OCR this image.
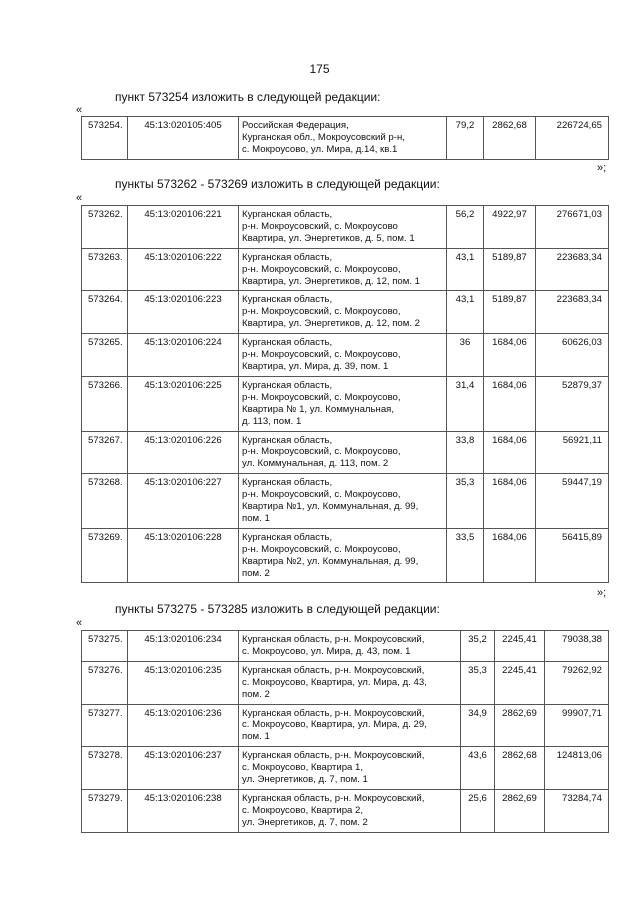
175
пункт 573254 изложить в следующей редакции:
«
573254.	45:13:020105:405	Российская Федерация,
Курганская обл., Мокроусовский р-н,
с. Мокроусово, ул. Мира, д.14, кв.1	79,2	2862,68	226724,65
»;
пункты 573262 - 573269 изложить в следующей редакции:
«
573262.	45:13:020106:221	Курганская область,
р-н. Мокроусовский, с. Мокроусово
Квартира, ул. Энергетиков, д. 5, пом. 1	56,2	4922,97	276671,03
573263.	45:13:020106:222	Курганская область,
р-н. Мокроусовский, с. Мокроусово,
Квартира, ул. Энергетиков, д. 12, пом. 1	43,1	5189,87	223683,34
573264.	45:13:020106:223	Курганская область,
р-н. Мокроусовский, с. Мокроусово,
Квартира, ул. Энергетиков, д. 12, пом. 2	43,1	5189,87	223683,34
573265.	45:13:020106:224	Курганская область,
р-н. Мокроусовский, с. Мокроусово,
Квартира, ул. Мира, д. 39, пом. 1	36	1684,06	60626,03
573266.	45:13:020106:225	Курганская область,
р-н. Мокроусовский, с. Мокроусово,
Квартира № 1, ул. Коммунальная,
д. 113, пом. 1	31,4	1684,06	52879,37
573267.	45:13:020106:226	Курганская область,
р-н. Мокроусовский, с. Мокроусово,
ул. Коммунальная, д. 113, пом. 2	33,8	1684,06	56921,11
573268.	45:13:020106:227	Курганская область,
р-н. Мокроусовский, с. Мокроусово,
Квартира №1, ул. Коммунальная, д. 99,
пом. 1	35,3	1684,06	59447,19
573269.	45:13:020106:228	Курганская область,
р-н. Мокроусовский, с. Мокроусово,
Квартира №2, ул. Коммунальная, д. 99,
пом. 2	33,5	1684,06	56415,89
»;
пункты 573275 - 573285 изложить в следующей редакции:
«
573275.	45:13:020106:234	Курганская область, р-н. Мокроусовский,
с. Мокроусово, ул. Мира, д. 43, пом. 1	35,2	2245,41	79038,38
573276.	45:13:020106:235	Курганская область, р-н. Мокроусовский,
с. Мокроусово, Квартира, ул. Мира, д. 43,
пом. 2	35,3	2245,41	79262,92
573277.	45:13:020106:236	Курганская область, р-н. Мокроусовский,
с. Мокроусово, Квартира, ул. Мира, д. 29,
пом. 1	34,9	2862,69	99907,71
573278.	45:13:020106:237	Курганская область, р-н. Мокроусовский,
с. Мокроусово, Квартира 1,
ул. Энергетиков, д. 7, пом. 1	43,6	2862,68	124813,06
573279.	45:13:020106:238	Курганская область, р-н. Мокроусовский,
с. Мокроусово, Квартира 2,
ул. Энергетиков, д. 7, пом. 2	25,6	2862,69	73284,74
